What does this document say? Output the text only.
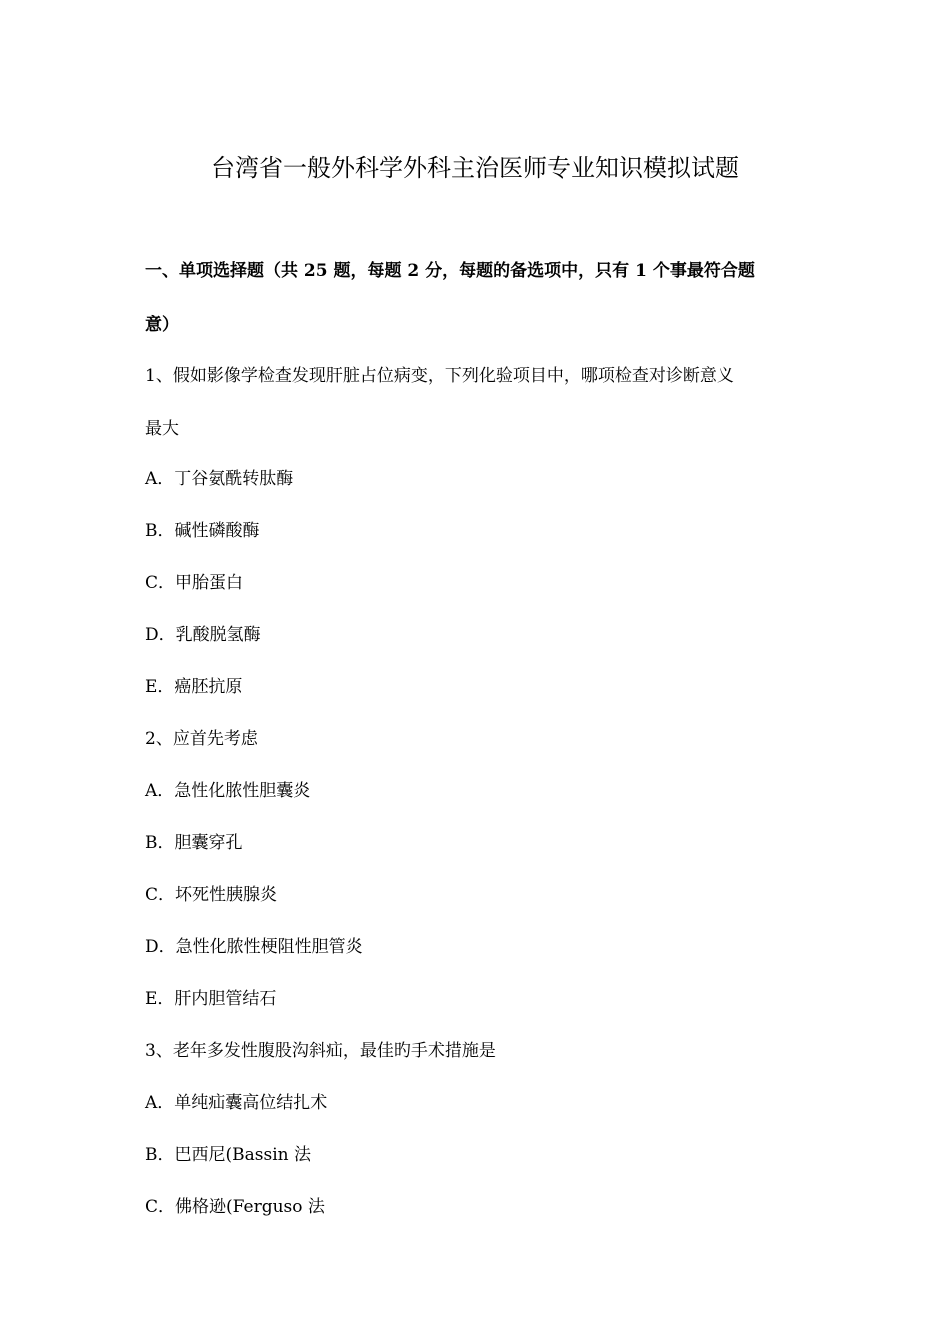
台湾省一般外科学外科主治医师专业知识模拟试题
一、单项选择题（共 25 题，每题 2 分，每题的备选项中，只有 1 个事最符合题
意）
1、假如影像学检查发现肝脏占位病变，下列化验项目中，哪项检查对诊断意义
最大
A．丁谷氨酰转肽酶
B．碱性磷酸酶
C．甲胎蛋白
D．乳酸脱氢酶
E．癌胚抗原
2、应首先考虑
A．急性化脓性胆囊炎
B．胆囊穿孔
C．坏死性胰腺炎
D．急性化脓性梗阻性胆管炎
E．肝内胆管结石
3、老年多发性腹股沟斜疝，最佳旳手术措施是
A．单纯疝囊高位结扎术
B．巴西尼(Bassin 法
C．佛格逊(Ferguso 法
